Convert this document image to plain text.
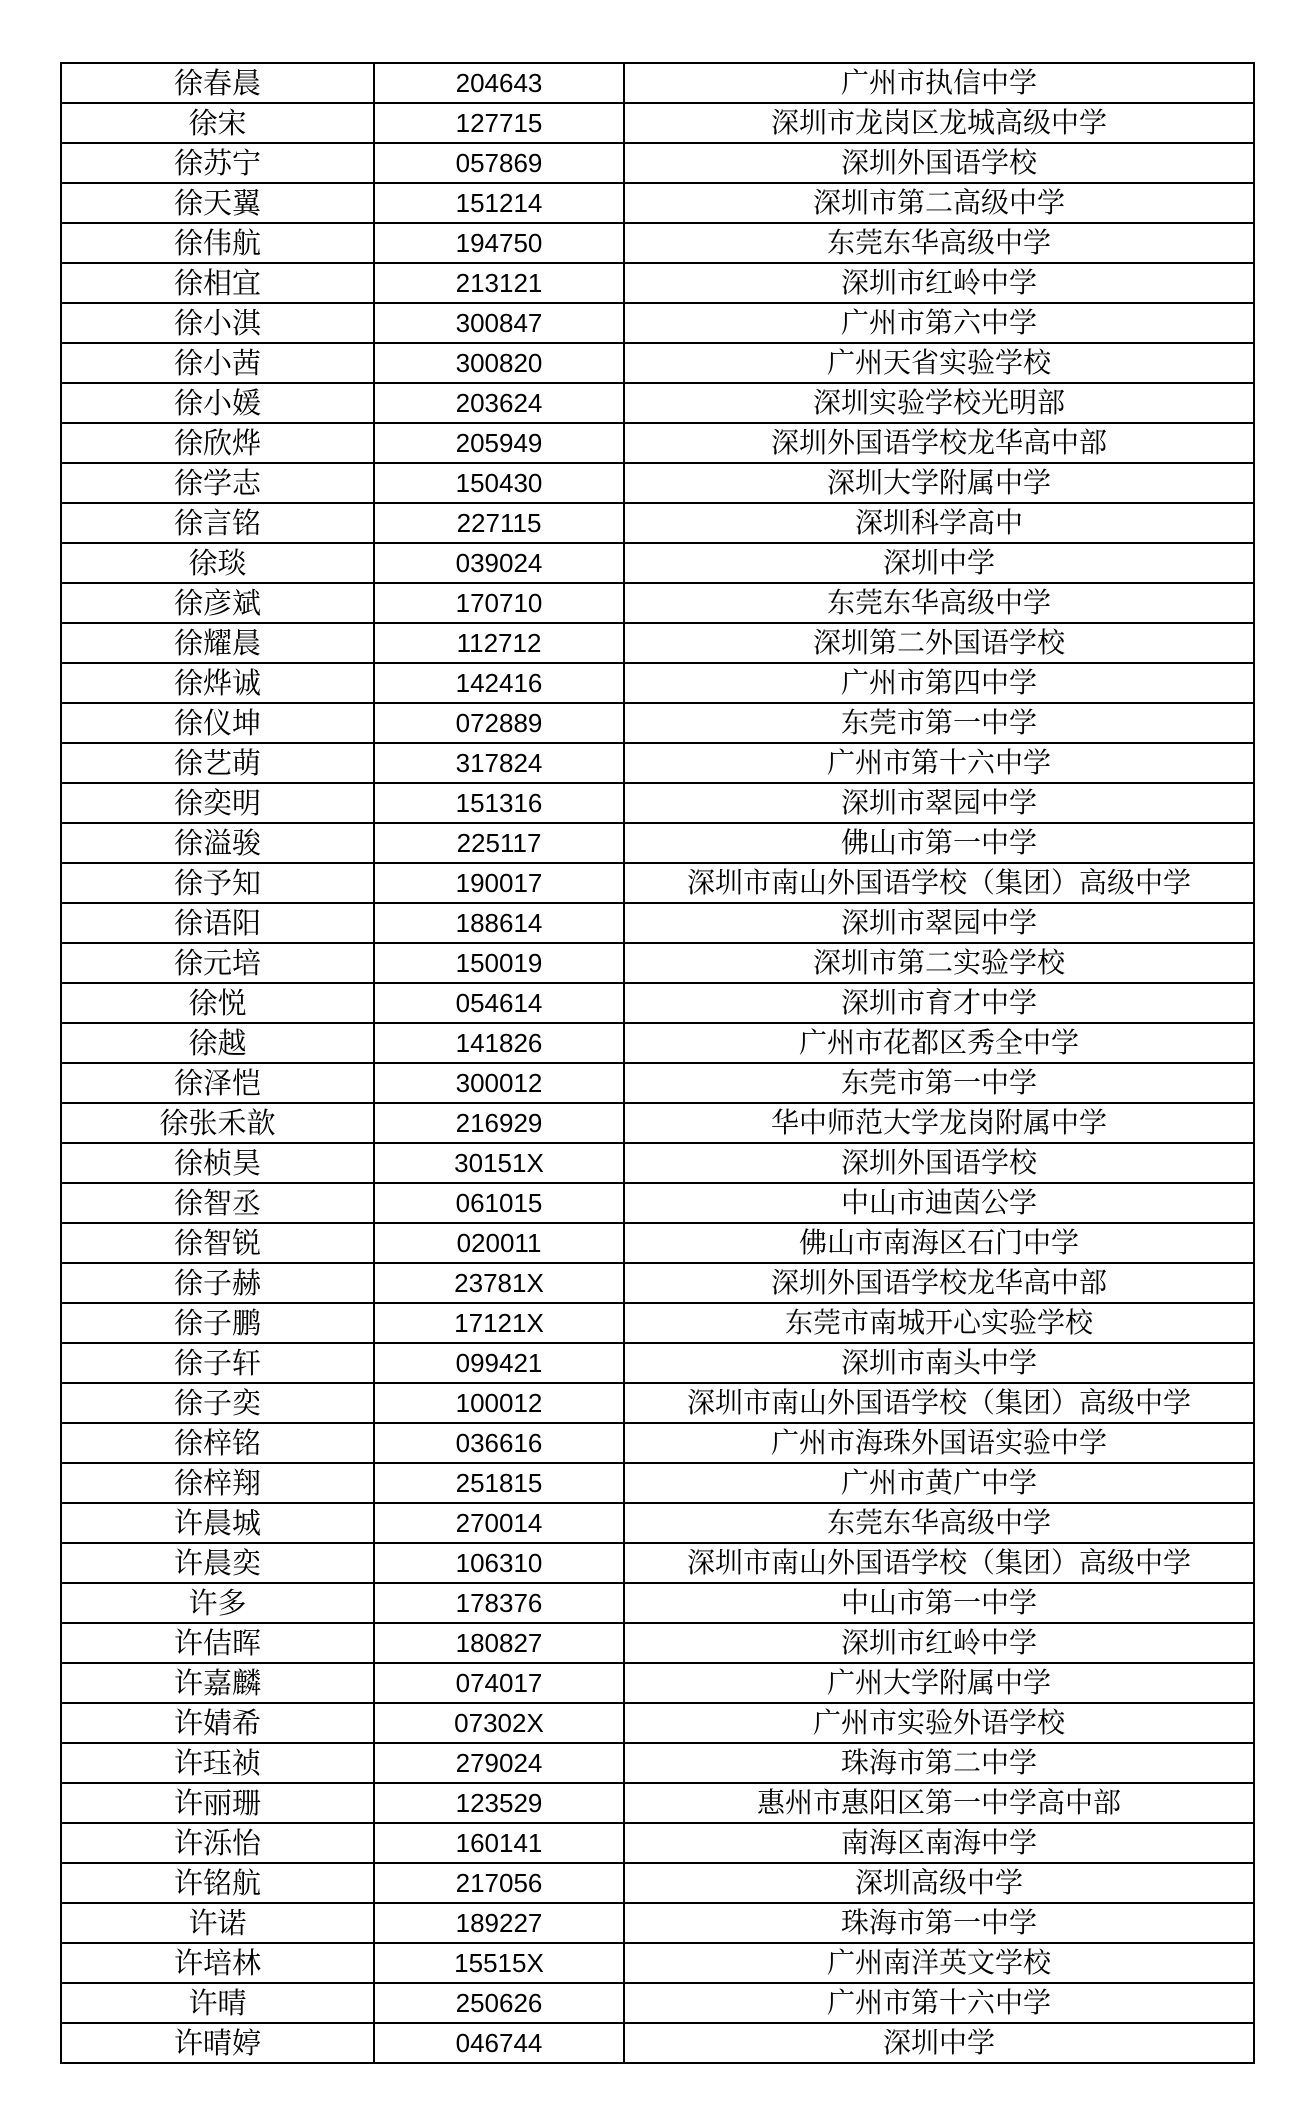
徐春晨	204643	广州市执信中学
徐宋	127715	深圳市龙岗区龙城高级中学
徐苏宁	057869	深圳外国语学校
徐天翼	151214	深圳市第二高级中学
徐伟航	194750	东莞东华高级中学
徐相宜	213121	深圳市红岭中学
徐小淇	300847	广州市第六中学
徐小茜	300820	广州天省实验学校
徐小媛	203624	深圳实验学校光明部
徐欣烨	205949	深圳外国语学校龙华高中部
徐学志	150430	深圳大学附属中学
徐言铭	227115	深圳科学高中
徐琰	039024	深圳中学
徐彦斌	170710	东莞东华高级中学
徐耀晨	112712	深圳第二外国语学校
徐烨诚	142416	广州市第四中学
徐仪坤	072889	东莞市第一中学
徐艺萌	317824	广州市第十六中学
徐奕明	151316	深圳市翠园中学
徐溢骏	225117	佛山市第一中学
徐予知	190017	深圳市南山外国语学校（集团）高级中学
徐语阳	188614	深圳市翠园中学
徐元培	150019	深圳市第二实验学校
徐悦	054614	深圳市育才中学
徐越	141826	广州市花都区秀全中学
徐泽恺	300012	东莞市第一中学
徐张禾歆	216929	华中师范大学龙岗附属中学
徐桢昊	30151X	深圳外国语学校
徐智丞	061015	中山市迪茵公学
徐智锐	020011	佛山市南海区石门中学
徐子赫	23781X	深圳外国语学校龙华高中部
徐子鹏	17121X	东莞市南城开心实验学校
徐子轩	099421	深圳市南头中学
徐子奕	100012	深圳市南山外国语学校（集团）高级中学
徐梓铭	036616	广州市海珠外国语实验中学
徐梓翔	251815	广州市黄广中学
许晨城	270014	东莞东华高级中学
许晨奕	106310	深圳市南山外国语学校（集团）高级中学
许多	178376	中山市第一中学
许佶晖	180827	深圳市红岭中学
许嘉麟	074017	广州大学附属中学
许婧希	07302X	广州市实验外语学校
许珏祯	279024	珠海市第二中学
许丽珊	123529	惠州市惠阳区第一中学高中部
许泺怡	160141	南海区南海中学
许铭航	217056	深圳高级中学
许诺	189227	珠海市第一中学
许培林	15515X	广州南洋英文学校
许晴	250626	广州市第十六中学
许晴婷	046744	深圳中学
